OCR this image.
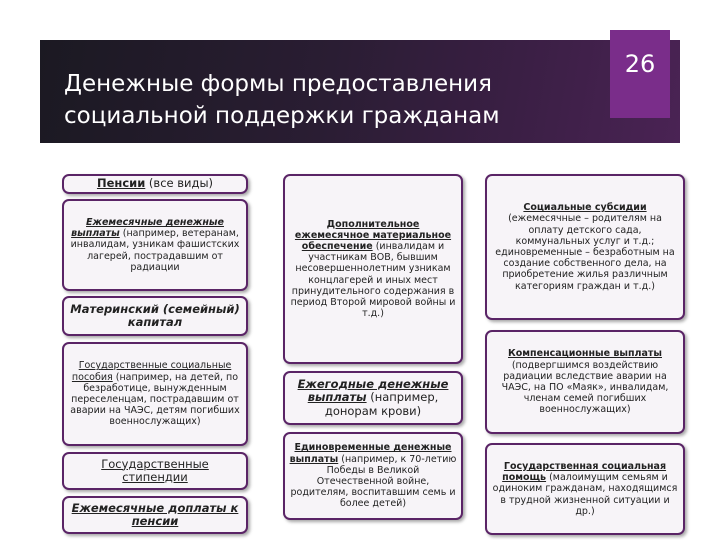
Денежные формы предоставления социальной поддержки гражданам
26
Пенсии (все виды)
Ежемесячные денежные выплаты (например, ветеранам, инвалидам, узникам фашистских лагерей, пострадавшим от радиации
Материнский (семейный) капитал
Государственные социальные пособия (например, на детей, по безработице, вынужденным переселенцам, пострадавшим от аварии на ЧАЭС, детям погибших военнослужащих)
Государственные стипендии
Ежемесячные доплаты к пенсии
Дополнительное ежемесячное материальное обеспечение (инвалидам и участникам ВОВ, бывшим несовершеннолетним узникам концлагерей и иных мест принудительного содержания в период Второй мировой войны и т.д.)
Ежегодные денежные выплаты (например, донорам крови)
Единовременные денежные выплаты (например, к 70-летию Победы в Великой Отечественной войне, родителям, воспитавшим семь и более детей)
Социальные субсидии (ежемесячные – родителям на оплату детского сада, коммунальных услуг и т.д.; единовременные – безработным на создание собственного дела, на приобретение жилья различным категориям граждан и т.д.)
Компенсационные выплаты (подвергшимся воздействию радиации вследствие аварии на ЧАЭС, на ПО «Маяк», инвалидам, членам семей погибших военнослужащих)
Государственная социальная помощь (малоимущим семьям и одиноким гражданам, находящимся в трудной жизненной ситуации и др.)
